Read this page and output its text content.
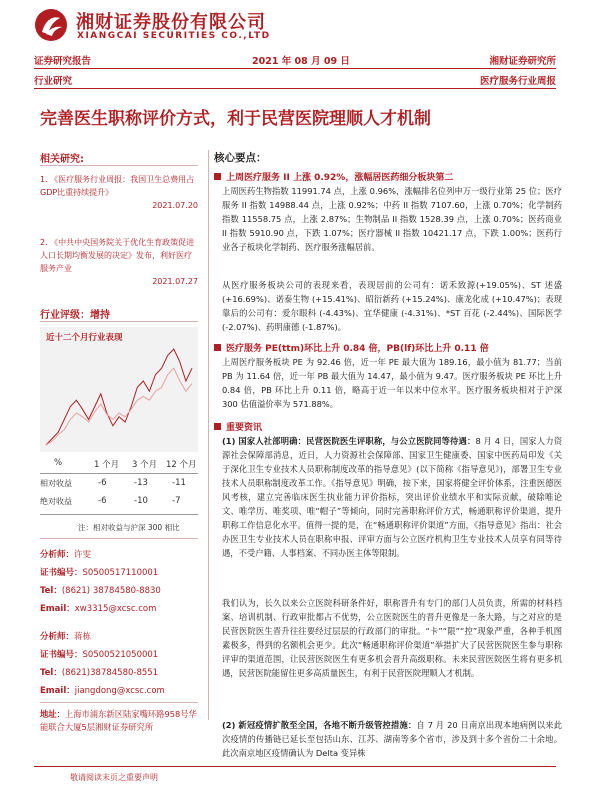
湘财证券股份有限公司
XIANGCAI SECURITIES CO.,LTD
证券研究报告	2021 年 08 月 09 日	湘财证券研究所
行业研究	医疗服务行业周报
完善医生职称评价方式，利于民营医院理顺人才机制
相关研究:
1. 《医疗服务行业周报：我国卫生总费用占GDP比重持续提升》
2021.07.20
2. 《中共中央国务院关于优化生育政策促进人口长期均衡发展的决定》发布，利好医疗服务产业
2021.07.27
行业评级：增持
近十二个月行业表现
%	1 个月 3 个月 12 个月
相对收益	-6	-13	-11
绝对收益	-6	-10	-7
注：相对收益与沪深 300 相比
分析师：许雯
证书编号：S0500517110001
Tel：(8621) 38784580-8830
Email：xw3315@xcsc.com
分析师：蒋栋
证书编号：S0500521050001
Tel：(8621)38784580-8551
Email：jiangdong@xcsc.com
地址：上海市浦东新区陆家嘴环路958号华能联合大厦5层湘财证券研究所
核心要点：
上周医疗服务 II 上涨 0.92%，涨幅居医药细分板块第二
上周医药生物指数 11991.74 点，上涨 0.96%，涨幅排名位列申万一级行业第 25 位；医疗服务 II 指数 14988.44 点，上涨 0.92%；中药 II 指数 7107.60，上涨 0.70%；化学制药指数 11558.75 点，上涨 2.87%；生物制品 II 指数 1528.39 点，上涨 0.70%；医药商业 II 指数 5910.90 点，下跌 1.07%；医疗器械 II 指数 10421.17 点，下跌 1.00%；医药行业各子板块化学制药、医疗服务涨幅居前。
从医疗服务板块公司的表现来看，表现居前的公司有：诺禾致源(+19.05%)、ST 述盛 (+16.69%)、诺泰生物 (+15.41%)、昭衍新药 (+15.24%)、康龙化成 (+10.47%)；表现靠后的公司有：爱尔眼科 (-4.43%)、宜华健康 (-4.31%)、*ST 百花 (-2.44%)、国际医学 (-2.07%)、药明康德 (-1.87%)。
医疗服务 PE(ttm)环比上升 0.84 倍，PB(lf)环比上升 0.11 倍
上周医疗服务板块 PE 为 92.46 倍，近一年 PE 最大值为 189.16，最小值为 81.77；当前 PB 为 11.64 倍，近一年 PB 最大值为 14.47，最小值为 9.47。医疗服务板块 PE 环比上升 0.84 倍，PB 环比上升 0.11 倍，略高于近一年以来中位水平。医疗服务板块相对于沪深 300 估值溢价率为 571.88%。
重要资讯
(1) 国家人社部明确：民营医院医生评职称，与公立医院同等待遇：8 月 4 日，国家人力资源社会保障部消息，近日，人力资源社会保障部、国家卫生健康委、国家中医药局印发《关于深化卫生专业技术人员职称制度改革的指导意见》(以下简称《指导意见》)，部署卫生专业技术人员职称制度改革工作。《指导意见》明确，按下来，国家将健全评价体系，注重医德医风考核，建立完善临床医生执业能力评价指标，突出评价业绩水平和实际贡献，破除唯论文、唯学历、唯奖项、唯“帽子”等倾向，同时完善职称评价方式，畅通职称评价渠道，提升职称工作信息化水平。值得一提的是，在“畅通职称评价渠道”方面，《指导意见》指出：社会办医卫生专业技术人员在职称申报、评审方面与公立医疗机构卫生专业技术人员享有同等待遇，不受户籍、人事档案、不同办医主体等限制。
我们认为，长久以来公立医院科研条件好，职称晋升有专门的部门人员负责，所需的材料档案、培训机制、行政审批都占不优势，公立医院医生的晋升更像是一条大路，与之对应的是民营医院医生晋升往往要经过层层的行政部门的审批。“卡”“限”“控”现象严重，各种手机图素极多，得到的名额机会更少。此次“畅通职称评价渠道”举措扩大了民营医院医生参与职称评审的渠道范围，让民营医院医生有更多机会晋升高级职称。未来民营医院医生将有更多机遇，民营医院能留住更多高质量医生，有利于民营医院理顺人才机制。
(2) 新冠疫情扩散至全国，各地不断升级管控措施：自 7 月 20 日南京出现本地病例以来此次疫情的传播链已延长至包括山东、江苏、湖南等多个省市，涉及到十多个省份二十余地。此次南京地区疫情确认为 Delta 变异株
敬请阅读末页之重要声明
